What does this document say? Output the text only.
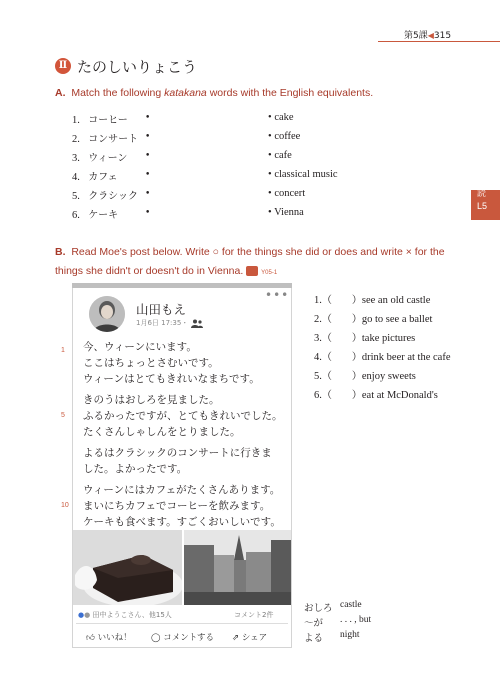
第5課◀315
Ⅱ たのしいりょこう
A. Match the following katakana words with the English equivalents.
1. コーヒー
2. コンサート
3. ウィーン
4. カフェ
5. クラシック
6. ケーキ
•
•
•
•
•
•
• cake
• coffee
• cafe
• classical music
• concert
• Vienna
読
L5
B. Read Moe's post below. Write ○ for the things she did or does and write × for the
things she didn't or doesn't do in Vienna.	Y05-1
•••
山田もえ
1月6日 17:35・
今、ウィーンにいます。
ここはちょっとさむいです。
ウィーンはとてもきれいなまちです。
きのうはおしろを見ました。
ふるかったですが、とてもきれいでした。
たくさんしゃしんをとりました。
よるはクラシックのコンサートに行きま
した。よかったです。
ウィーンにはカフェがたくさんあります。
まいにちカフェでコーヒーを飲みます。
ケーキも食べます。すごくおいしいです。
1
5
10
●● 田中ようこさん、他15人	コメント2件
👍︎ いいね！ ◯ コメントする ⇗ シェア
1.（　　）see an old castle
2.（　　）go to see a ballet
3.（　　）take pictures
4.（　　）drink beer at the cafe
5.（　　）enjoy sweets
6.（　　）eat at McDonald's
おしろ castle
〜が . . . , but
よる night
